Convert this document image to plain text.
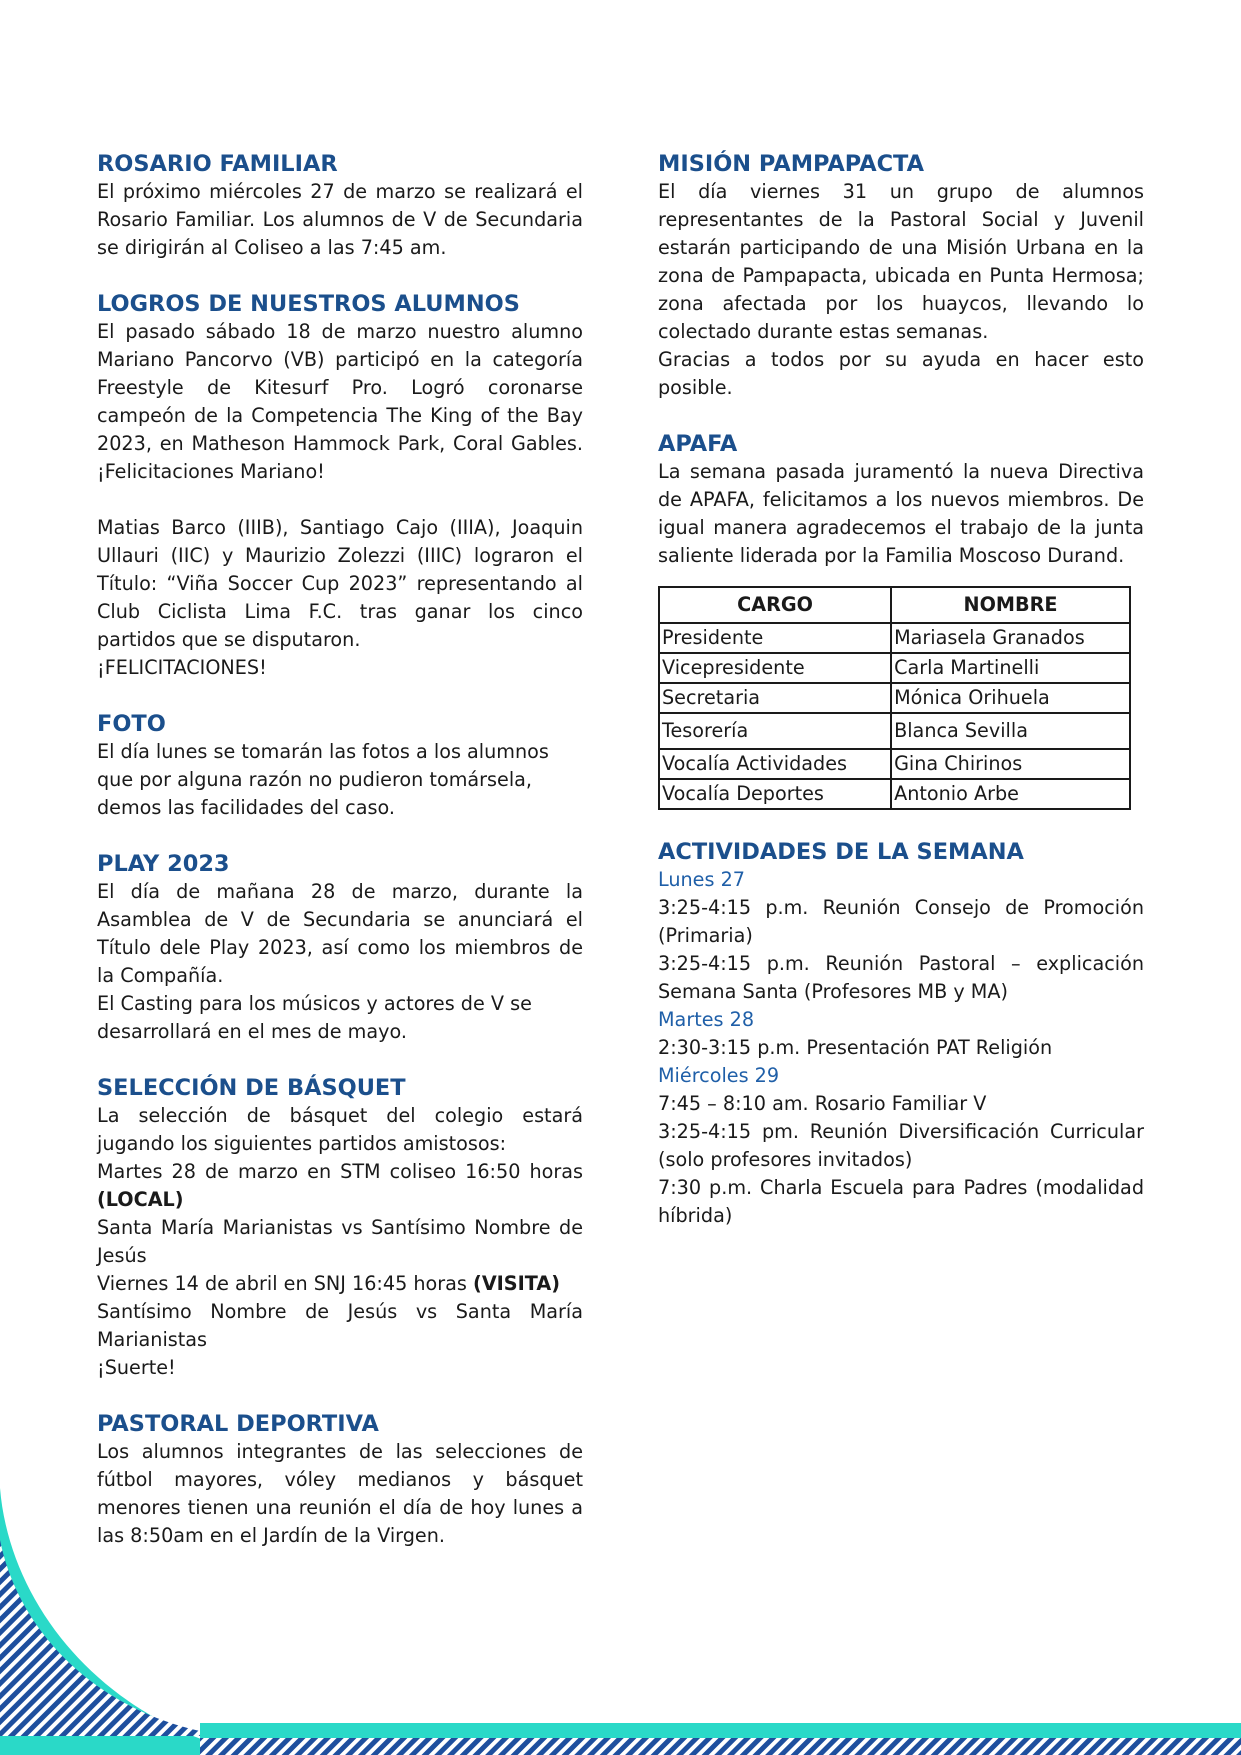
ROSARIO FAMILIAR

El próximo miércoles 27 de marzo se realizará el Rosario Familiar. Los alumnos de V de Secundaria se dirigirán al Coliseo a las 7:45 am.

LOGROS DE NUESTROS ALUMNOS

El pasado sábado 18 de marzo nuestro alumno Mariano Pancorvo (VB) participó en la categoría Freestyle de Kitesurf Pro. Logró coronarse campeón de la Competencia The King of the Bay 2023, en Matheson Hammock Park, Coral Gables. ¡Felicitaciones Mariano!

Matias Barco (IIIB), Santiago Cajo (IIIA), Joaquin Ullauri (IIC) y Maurizio Zolezzi (IIIC) lograron el Título: “Viña Soccer Cup 2023” representando al Club Ciclista Lima F.C. tras ganar los cinco partidos que se disputaron.

¡FELICITACIONES!

FOTO

El día lunes se tomarán las fotos a los alumnos que por alguna razón no pudieron tomársela, demos las facilidades del caso.

PLAY 2023

El día de mañana 28 de marzo, durante la Asamblea de V de Secundaria se anunciará el Título dele Play 2023, así como los miembros de la Compañía.

El Casting para los músicos y actores de V se desarrollará en el mes de mayo.

SELECCIÓN DE BÁSQUET

La selección de básquet del colegio estará jugando los siguientes partidos amistosos:

Martes 28 de marzo en STM coliseo 16:50 horas (LOCAL)

Santa María Marianistas vs Santísimo Nombre de Jesús

Viernes 14 de abril en SNJ 16:45 horas (VISITA)

Santísimo Nombre de Jesús vs Santa María Marianistas

¡Suerte!

PASTORAL DEPORTIVA

Los alumnos integrantes de las selecciones de fútbol mayores, vóley medianos y básquet menores tienen una reunión el día de hoy lunes a las 8:50am en el Jardín de la Virgen.

MISIÓN PAMPAPACTA

El día viernes 31 un grupo de alumnos representantes de la Pastoral Social y Juvenil estarán participando de una Misión Urbana en la zona de Pampapacta, ubicada en Punta Hermosa; zona afectada por los huaycos, llevando lo colectado durante estas semanas.

Gracias a todos por su ayuda en hacer esto posible.

APAFA

La semana pasada juramentó la nueva Directiva de APAFA, felicitamos a los nuevos miembros. De igual manera agradecemos el trabajo de la junta saliente liderada por la Familia Moscoso Durand.

CARGO	NOMBRE
Presidente	Mariasela Granados
Vicepresidente	Carla Martinelli
Secretaria	Mónica Orihuela
Tesorería	Blanca Sevilla
Vocalía Actividades	Gina Chirinos
Vocalía Deportes	Antonio Arbe
ACTIVIDADES DE LA SEMANA

Lunes 27

3:25-4:15 p.m. Reunión Consejo de Promoción (Primaria)

3:25-4:15 p.m. Reunión Pastoral – explicación Semana Santa (Profesores MB y MA)

Martes 28

2:30-3:15 p.m. Presentación PAT Religión

Miércoles 29

7:45 – 8:10 am. Rosario Familiar V

3:25-4:15 pm. Reunión Diversificación Curricular (solo profesores invitados)

7:30 p.m. Charla Escuela para Padres (modalidad híbrida)
